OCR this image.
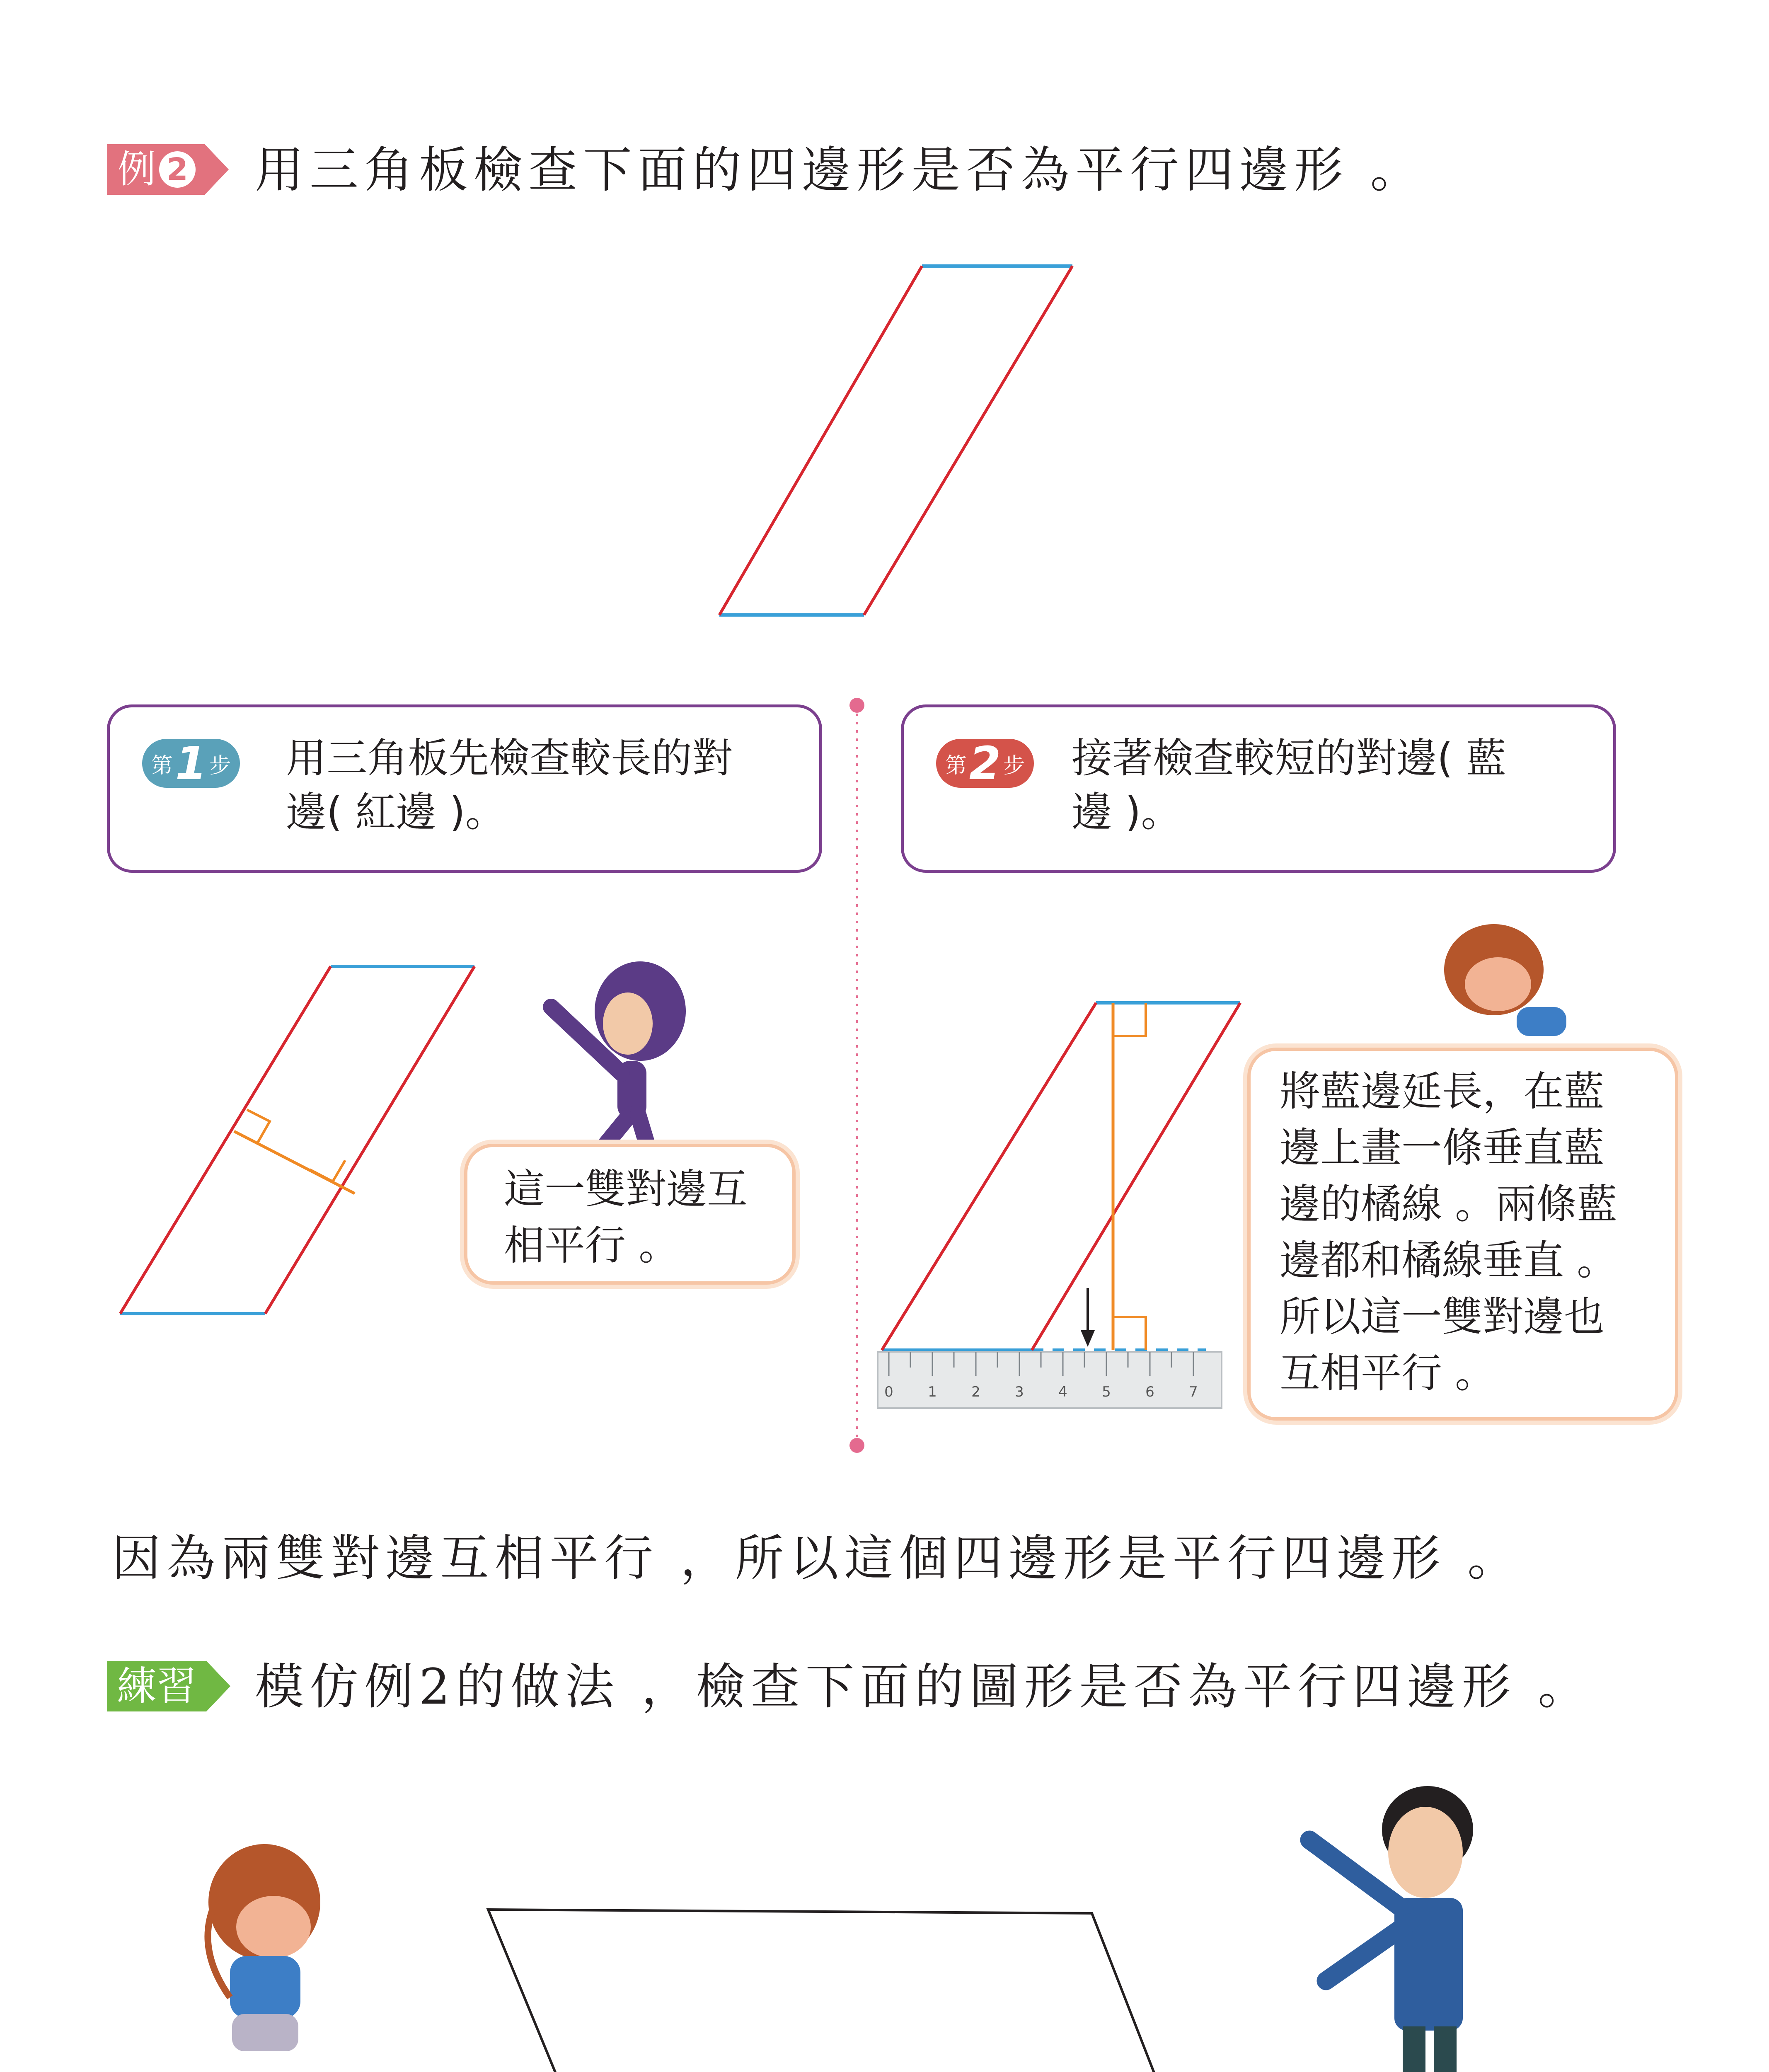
例 2 用三角板檢查下面的四邊形是否為平行四邊形 。
0 1 2 3 4 5 6 7
第 1 步 用三角板先檢查較長的對
邊( 紅邊 )。
第 2 步 接著檢查較短的對邊( 藍
邊 )。
這一雙對邊互
相平行 。
將藍邊延長，在藍
邊上畫一條垂直藍
邊的橘線 。兩條藍
邊都和橘線垂直 。
所以這一雙對邊也
互相平行 。
因為兩雙對邊互相平行 ，所以這個四邊形是平行四邊形 。
練習 模仿例2的做法 ，檢查下面的圖形是否為平行四邊形 。
